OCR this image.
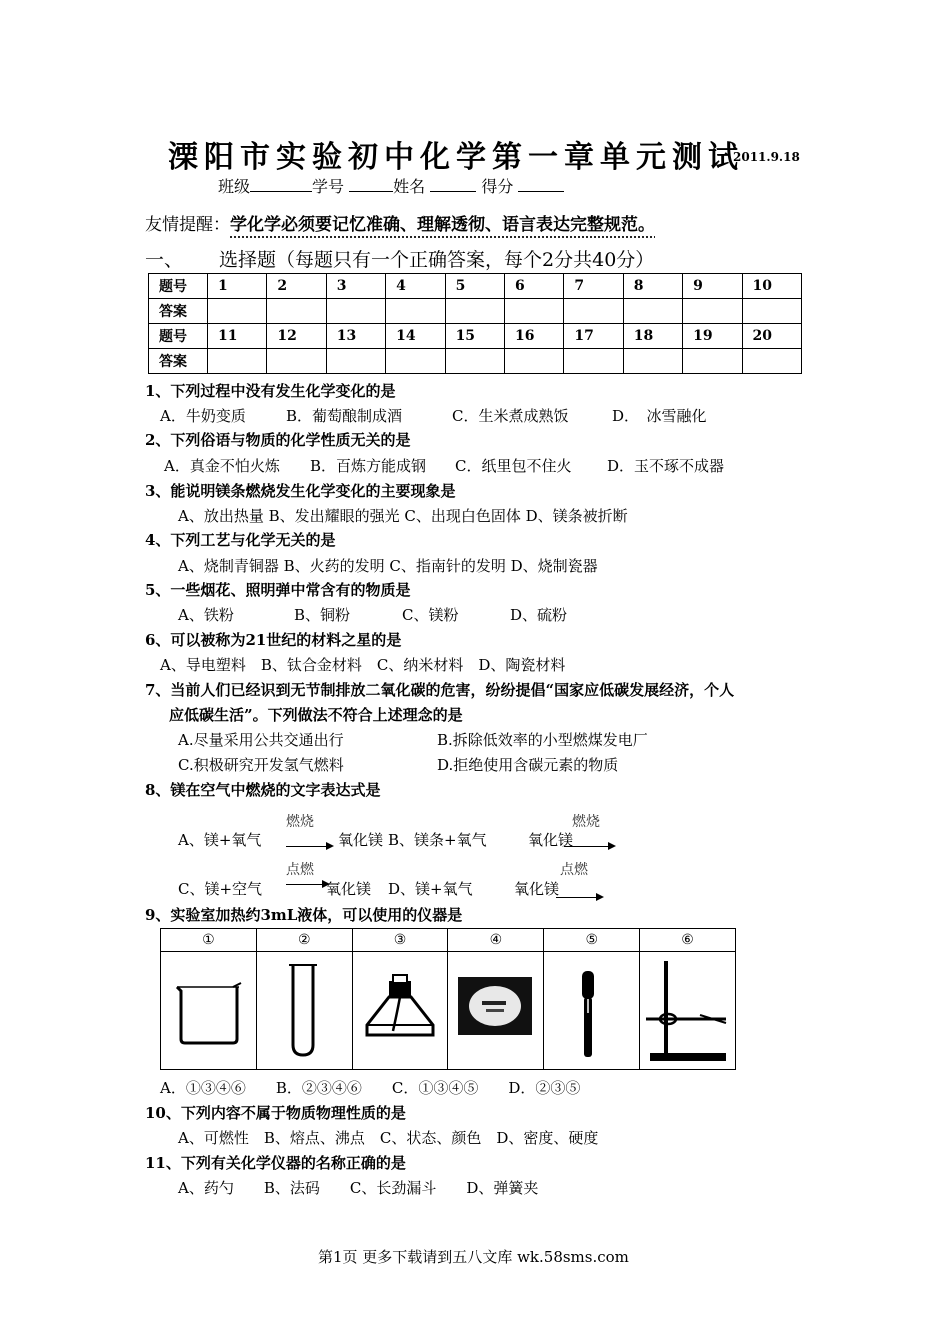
溧阳市实验初中化学第一章单元测试
2011.9.18
班级	学号	姓名	得分
友情提醒：学化学必须要记忆准确、理解透彻、语言表达完整规范。
一、 选择题（每题只有一个正确答案，每个2分共40分）
题号	1	2	3	4	5	6	7	8	9	10
答案										
题号	11	12	13	14	15	16	17	18	19	20
答案										
1、下列过程中没有发生化学变化的是
A．牛奶变质	B．葡萄酿制成酒	C．生米煮成熟饭	D．　冰雪融化
2、下列俗语与物质的化学性质无关的是
A．真金不怕火炼 B．百炼方能成钢 C．纸里包不住火 D．玉不琢不成器
3、能说明镁条燃烧发生化学变化的主要现象是
A、放出热量 B、发出耀眼的强光 C、出现白色固体 D、镁条被折断
4、下列工艺与化学无关的是
A、烧制青铜器 B、火药的发明 C、指南针的发明 D、烧制瓷器
5、一些烟花、照明弹中常含有的物质是
A、铁粉	B、铜粉	C、镁粉	D、硫粉
6、可以被称为21世纪的材料之星的是
A、导电塑料　B、钛合金材料　C、纳米材料　D、陶瓷材料
7、当前人们已经识到无节制排放二氧化碳的危害，纷纷提倡“国家应低碳发展经济，个人
应低碳生活”。下列做法不符合上述理念的是
A.尽量采用公共交通出行	B.拆除低效率的小型燃煤发电厂
C.积极研究开发氢气燃料	D.拒绝使用含碳元素的物质
8、镁在空气中燃烧的文字表达式是
燃烧
A、镁+氧气	氧化镁 B、镁条+氧气
燃烧
氧化镁
点燃
C、镁+空气 →
氧化镁 D、镁+氧气
点燃
氧化镁
9、实验室加热约3mL液体，可以使用的仪器是
①	②	③	④	⑤	⑥
A．①③④⑥　　B．②③④⑥　　C．①③④⑤　　D．②③⑤
10、下列内容不属于物质物理性质的是
A、可燃性　B、熔点、沸点　C、状态、颜色　D、密度、硬度
11、下列有关化学仪器的名称正确的是
A、药勺　　B、法码　　C、长劲漏斗　　D、弹簧夹
第1页 更多下载请到五八文库 wk.58sms.com
